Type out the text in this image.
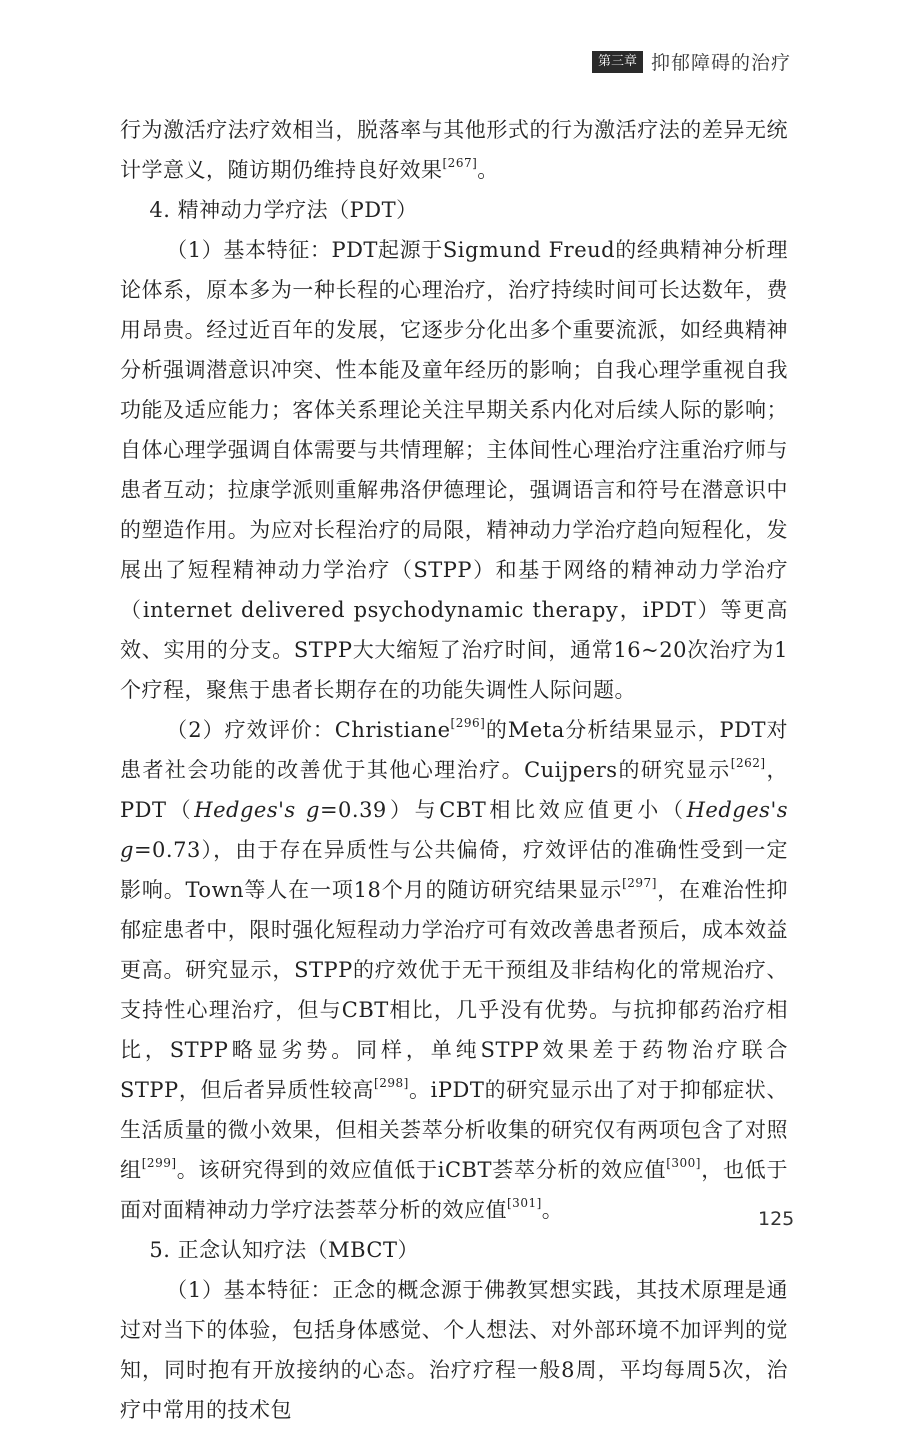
第三章 抑郁障碍的治疗

行为激活疗法疗效相当，脱落率与其他形式的行为激活疗法的差异无统计学意义，随访期仍维持良好效果[267]。

4. 精神动力学疗法（PDT）

（1）基本特征：PDT起源于Sigmund Freud的经典精神分析理论体系，原本多为一种长程的心理治疗，治疗持续时间可长达数年，费用昂贵。经过近百年的发展，它逐步分化出多个重要流派，如经典精神分析强调潜意识冲突、性本能及童年经历的影响；自我心理学重视自我功能及适应能力；客体关系理论关注早期关系内化对后续人际的影响；自体心理学强调自体需要与共情理解；主体间性心理治疗注重治疗师与患者互动；拉康学派则重解弗洛伊德理论，强调语言和符号在潜意识中的塑造作用。为应对长程治疗的局限，精神动力学治疗趋向短程化，发展出了短程精神动力学治疗（STPP）和基于网络的精神动力学治疗（internet delivered psychodynamic therapy，iPDT）等更高效、实用的分支。STPP大大缩短了治疗时间，通常16~20次治疗为1个疗程，聚焦于患者长期存在的功能失调性人际问题。

（2）疗效评价：Christiane[296]的Meta分析结果显示，PDT对患者社会功能的改善优于其他心理治疗。Cuijpers的研究显示[262]，PDT（Hedges's g=0.39）与CBT相比效应值更小（Hedges's g=0.73），由于存在异质性与公共偏倚，疗效评估的准确性受到一定影响。Town等人在一项18个月的随访研究结果显示[297]，在难治性抑郁症患者中，限时强化短程动力学治疗可有效改善患者预后，成本效益更高。研究显示，STPP的疗效优于无干预组及非结构化的常规治疗、支持性心理治疗，但与CBT相比，几乎没有优势。与抗抑郁药治疗相比，STPP略显劣势。同样，单纯STPP效果差于药物治疗联合STPP，但后者异质性较高[298]。iPDT的研究显示出了对于抑郁症状、生活质量的微小效果，但相关荟萃分析收集的研究仅有两项包含了对照组[299]。该研究得到的效应值低于iCBT荟萃分析的效应值[300]，也低于面对面精神动力学疗法荟萃分析的效应值[301]。

5. 正念认知疗法（MBCT）

（1）基本特征：正念的概念源于佛教冥想实践，其技术原理是通过对当下的体验，包括身体感觉、个人想法、对外部环境不加评判的觉知，同时抱有开放接纳的心态。治疗疗程一般8周，平均每周5次，治疗中常用的技术包

125
